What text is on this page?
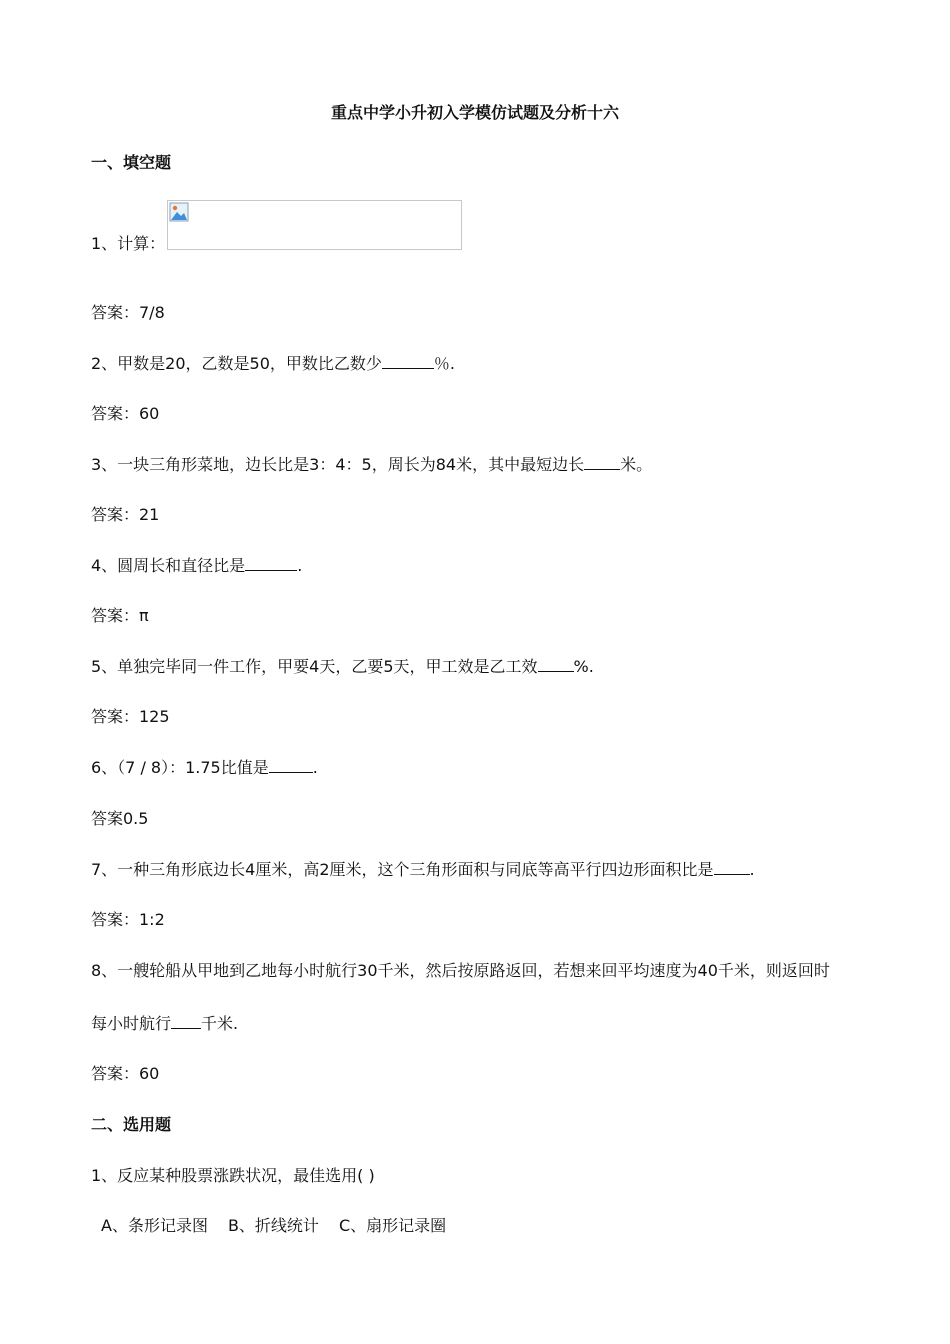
重点中学小升初入学模仿试题及分析十六
一、填空题
1、计算：
答案：7/8
2、甲数是20，乙数是50，甲数比乙数少	％.
答案：60
3、一块三角形菜地，边长比是3：4：5，周长为84米，其中最短边长 米。
答案：21
4、圆周长和直径比是	.
答案：π
5、单独完毕同一件工作，甲要4天，乙要5天，甲工效是乙工效 %.
答案：125
6、（7 / 8）：1.75比值是	.
答案0.5
7、一种三角形底边长4厘米，高2厘米，这个三角形面积与同底等高平行四边形面积比是 .
答案：1:2
8、一艘轮船从甲地到乙地每小时航行30千米，然后按原路返回，若想来回平均速度为40千米，则返回时
每小时航行 千米.
答案：60
二、选用题
1、反应某种股票涨跌状况，最佳选用( )
A、条形记录图 B、折线统计 C、扇形记录圈
